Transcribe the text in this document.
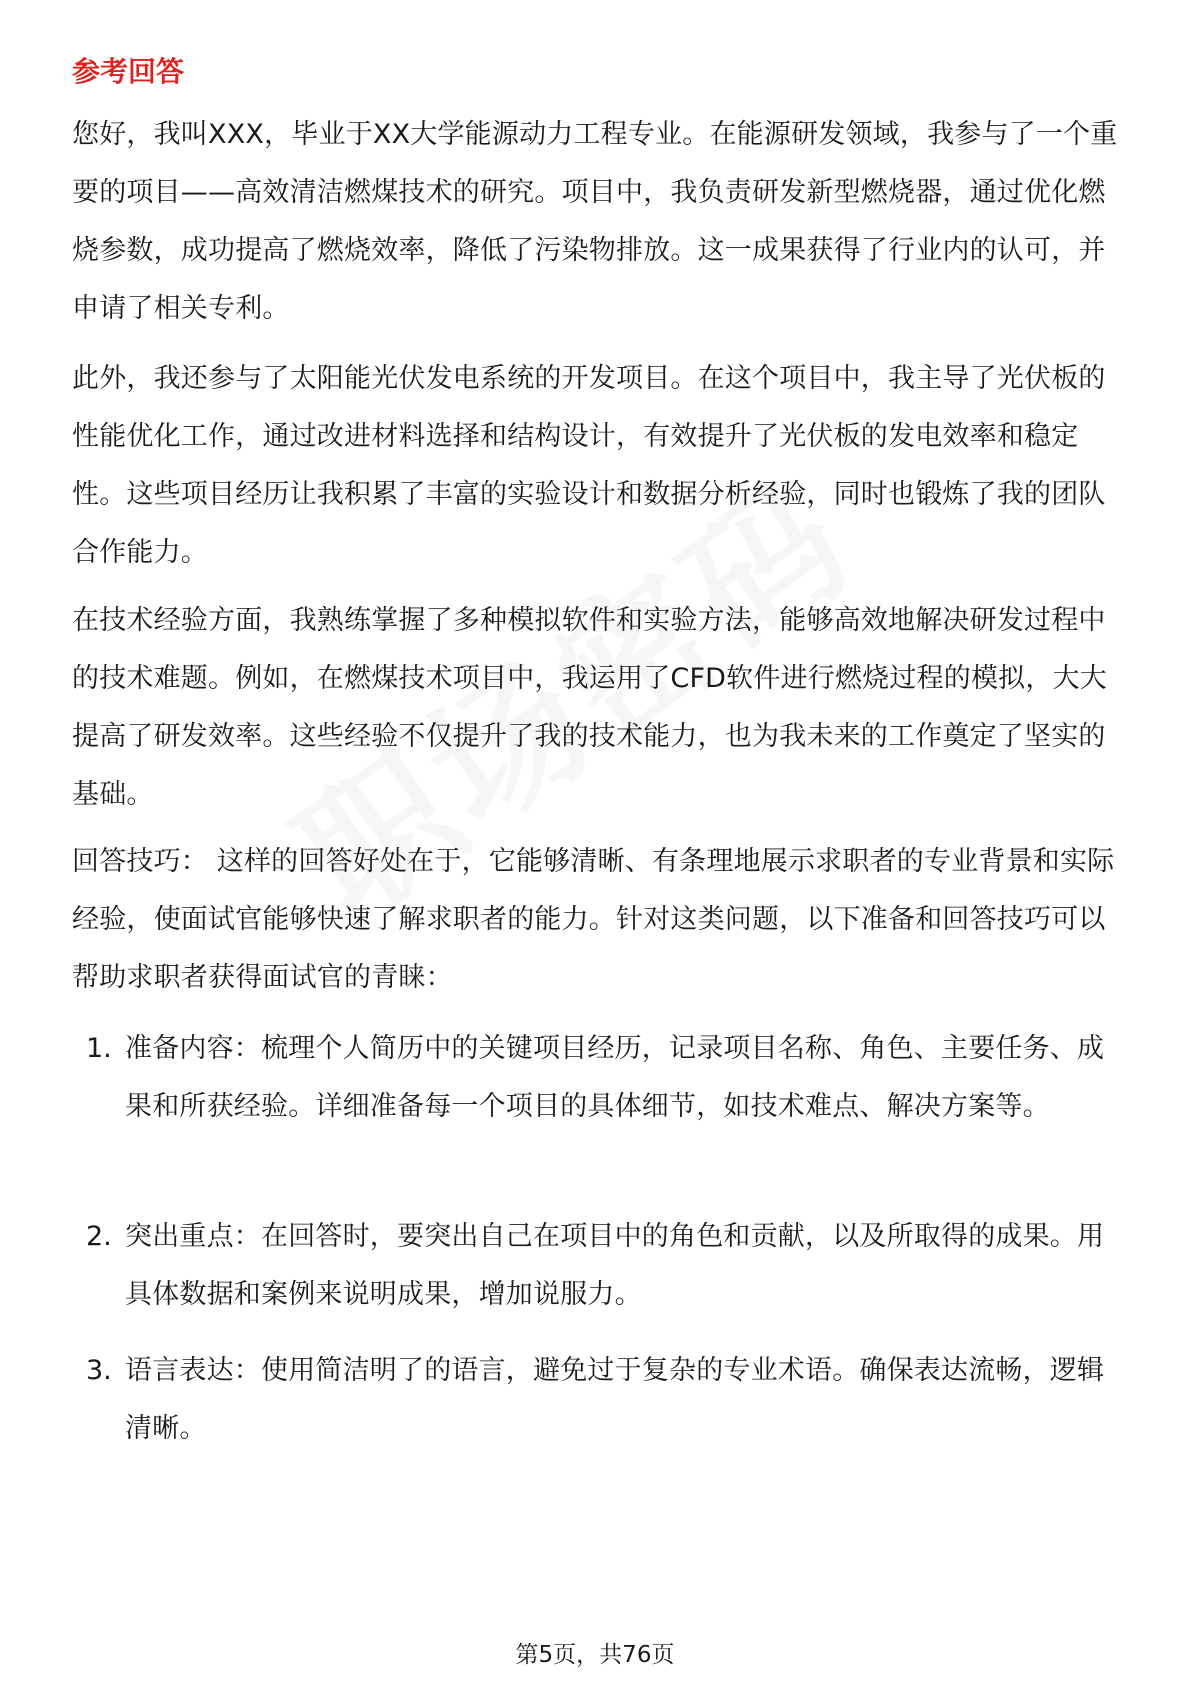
参考回答

您好，我叫XXX，毕业于XX大学能源动力工程专业。在能源研发领域，我参与了一个重要的项目——高效清洁燃煤技术的研究。项目中，我负责研发新型燃烧器，通过优化燃烧参数，成功提高了燃烧效率，降低了污染物排放。这一成果获得了行业内的认可，并申请了相关专利。

此外，我还参与了太阳能光伏发电系统的开发项目。在这个项目中，我主导了光伏板的性能优化工作，通过改进材料选择和结构设计，有效提升了光伏板的发电效率和稳定性。这些项目经历让我积累了丰富的实验设计和数据分析经验，同时也锻炼了我的团队合作能力。

在技术经验方面，我熟练掌握了多种模拟软件和实验方法，能够高效地解决研发过程中的技术难题。例如，在燃煤技术项目中，我运用了CFD软件进行燃烧过程的模拟，大大提高了研发效率。这些经验不仅提升了我的技术能力，也为我未来的工作奠定了坚实的基础。

回答技巧： 这样的回答好处在于，它能够清晰、有条理地展示求职者的专业背景和实际经验，使面试官能够快速了解求职者的能力。针对这类问题，以下准备和回答技巧可以帮助求职者获得面试官的青睐：

1. 准备内容：梳理个人简历中的关键项目经历，记录项目名称、角色、主要任务、成果和所获经验。详细准备每一个项目的具体细节，如技术难点、解决方案等。

2. 突出重点：在回答时，要突出自己在项目中的角色和贡献，以及所取得的成果。用具体数据和案例来说明成果，增加说服力。

3. 语言表达：使用简洁明了的语言，避免过于复杂的专业术语。确保表达流畅，逻辑清晰。

第5页，共76页
